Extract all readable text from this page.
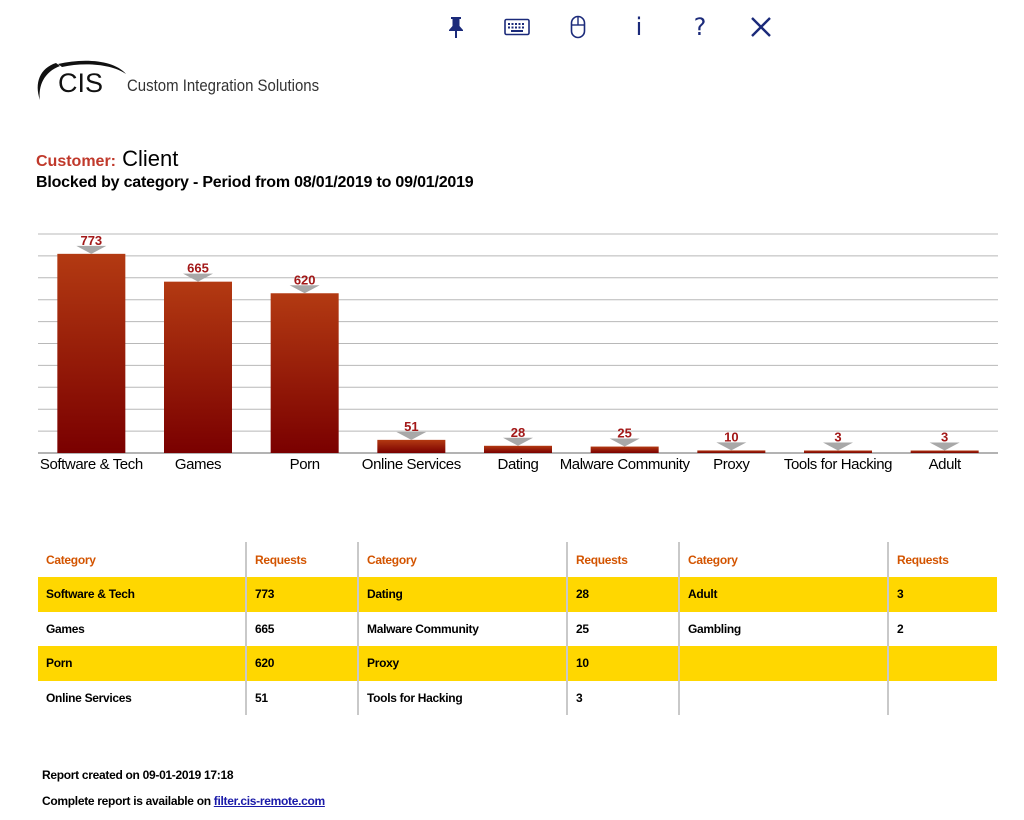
i ?
CIS Custom Integration Solutions
Customer: Client
Blocked by category - Period from 08/01/2019 to 09/01/2019
773
Software & Tech
665
Games
620
Porn
51
Online Services
28
Dating
25
Malware Community
10
Proxy
3
Tools for Hacking
3
Adult
Category	Requests	Category	Requests	Category	Requests
Software & Tech	773	Dating	28	Adult	3
Games	665	Malware Community	25	Gambling	2
Porn	620	Proxy	10		
Online Services	51	Tools for Hacking	3		
Report created on 09-01-2019 17:18
Complete report is available on filter.cis-remote.com
